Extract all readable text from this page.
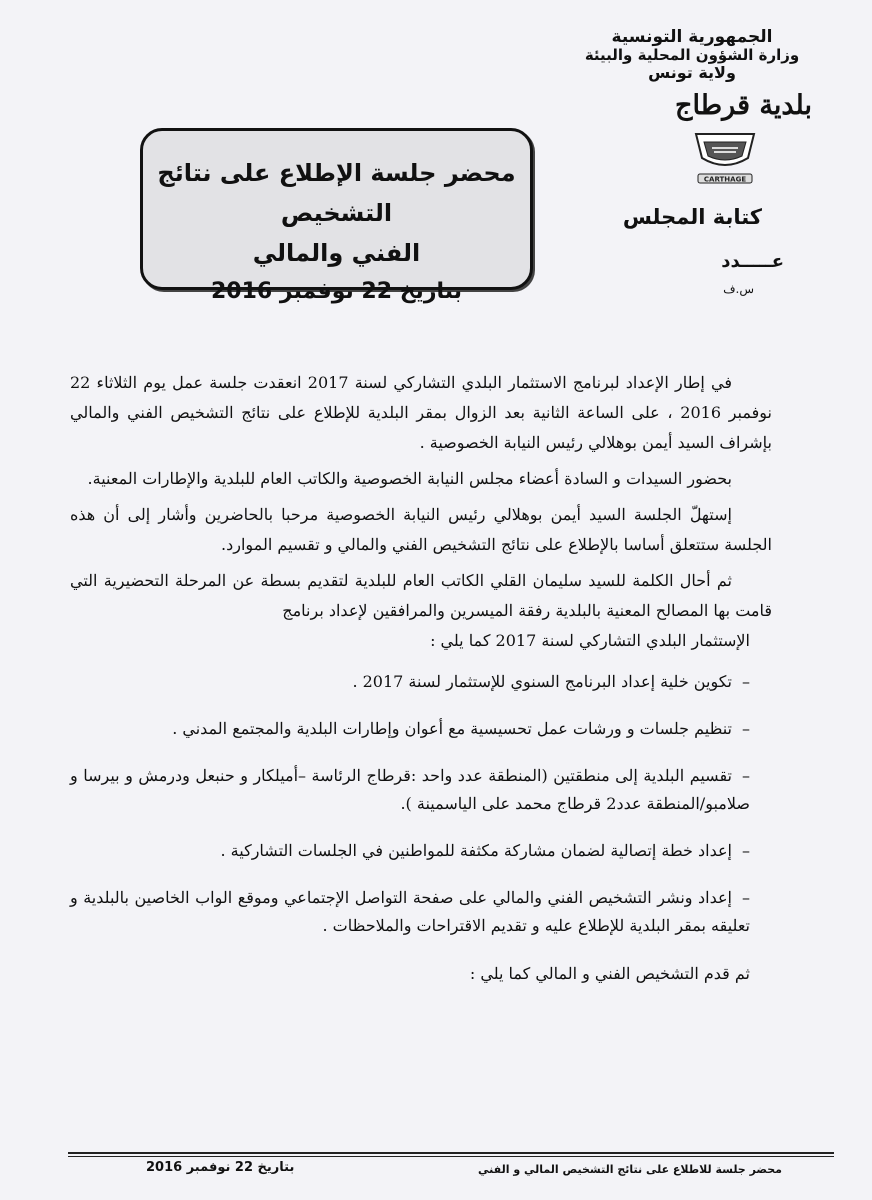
الجمهورية التونسية
وزارة الشؤون المحلية والبيئة
ولاية تونس
بلدية قرطاج
CARTHAGE
كتابة المجلس
عـــــدد
س.ف
محضر جلسة الإطلاع على نتائج التشخيص
الفني والمالي
بتاريخ 22 نوفمبر 2016

في إطار الإعداد لبرنامج الاستثمار البلدي التشاركي لسنة 2017 انعقدت جلسة عمل يوم الثلاثاء 22 نوفمبر 2016 ، على الساعة الثانية بعد الزوال بمقر البلدية للإطلاع على نتائج التشخيص الفني والمالي بإشراف السيد أيمن بوهلالي رئيس النيابة الخصوصية .

بحضور السيدات و السادة أعضاء مجلس النيابة الخصوصية والكاتب العام للبلدية والإطارات المعنية.

إستهلّ الجلسة السيد أيمن بوهلالي رئيس النيابة الخصوصية مرحبا بالحاضرين وأشار إلى أن هذه الجلسة ستتعلق أساسا بالإطلاع على نتائج التشخيص الفني والمالي و تقسيم الموارد.

ثم أحال الكلمة للسيد سليمان القلي الكاتب العام للبلدية لتقديم بسطة عن المرحلة التحضيرية التي قامت بها المصالح المعنية بالبلدية رفقة الميسرين والمرافقين لإعداد برنامج

الإستثمار البلدي التشاركي لسنة 2017 كما يلي :

–تكوين خلية إعداد البرنامج السنوي للإستثمار لسنة 2017 .
–تنظيم جلسات و ورشات عمل تحسيسية مع أعوان وإطارات البلدية والمجتمع المدني .
–تقسيم البلدية إلى منطقتين (المنطقة عدد واحد :قرطاج الرئاسة –أميلكار و حنبعل ودرمش و بيرسا و صلامبو/المنطقة عدد2 قرطاج محمد على الياسمينة ).
–إعداد خطة إتصالية لضمان مشاركة مكثفة للمواطنين في الجلسات التشاركية .
–إعداد ونشر التشخيص الفني والمالي على صفحة التواصل الإجتماعي وموقع الواب الخاصين بالبلدية و تعليقه بمقر البلدية للإطلاع عليه و تقديم الاقتراحات والملاحظات .

ثم قدم التشخيص الفني و المالي كما يلي :

محضر جلسة للاطلاع على نتائج التشخيص المالي و الفني
بتاريخ 22 نوفمبر 2016
